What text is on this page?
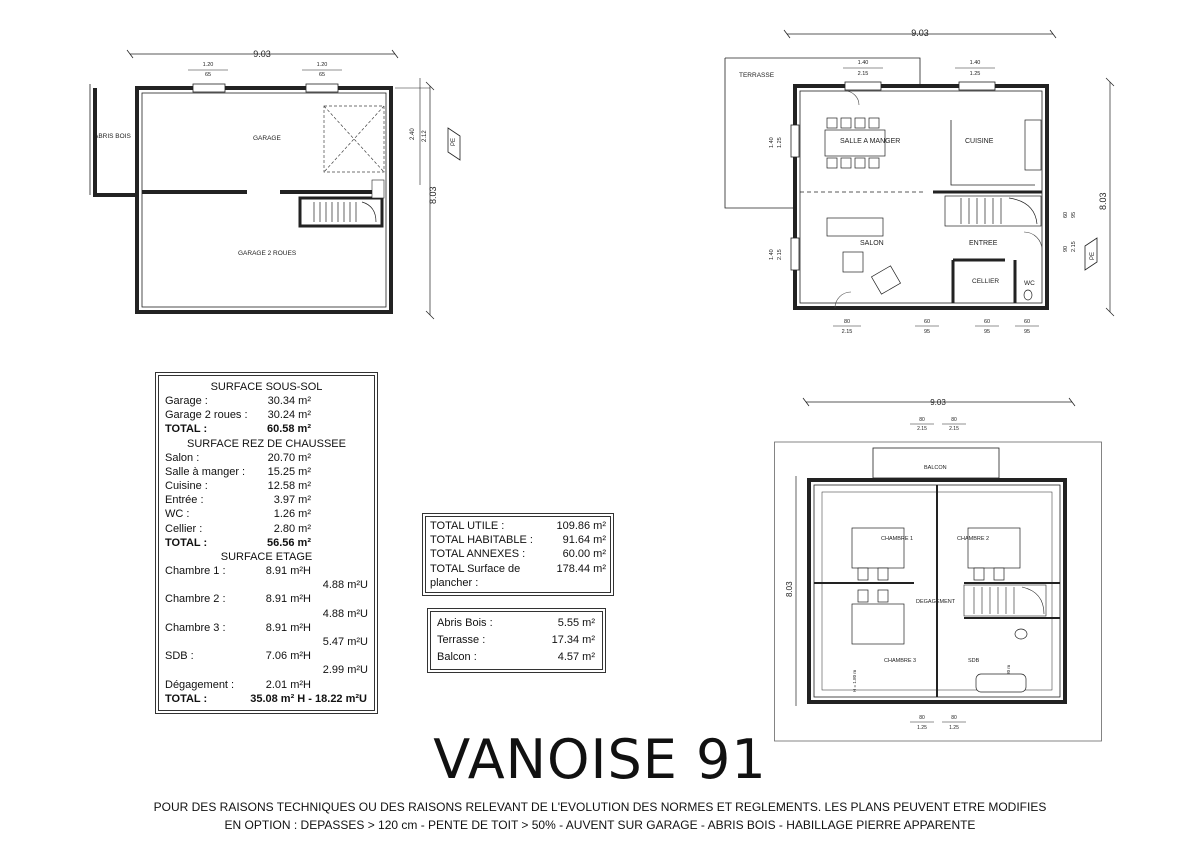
9.03
1.20
65
1.20
65
2.40 2.12	PE
8.03
ABRIS BOIS	GARAGE
GARAGE 2 ROUES
9.03
1.40
2.15
1.40
1.25
TERRASSE
SALLE A MANGER	CUISINE
SALON	ENTREE
CELLIER	WC
8.03
PE
1.40 1.25
1.40 2.15
60 95
90 2.15
80
2.15
60
95
60
95
60
95
9.03
80
2.15
80
2.15
BALCON
CHAMBRE 1	CHAMBRE 2
CHAMBRE 3
DEGAGEMENT
SDB
H = 1.80 m
8.03
80
1.25
80
1.25
SURFACE SOUS-SOL
Garage :	30.34 m²
Garage 2 roues :	30.24 m²
TOTAL :	60.58 m²
SURFACE REZ DE CHAUSSEE
Salon :	20.70 m²
Salle à manger :	15.25 m²
Cuisine :	12.58 m²
Entrée :	3.97 m²
WC :	1.26 m²
Cellier :	2.80 m²
TOTAL :	56.56 m²
SURFACE ETAGE
Chambre 1 :	8.91 m²H
4.88 m²U
Chambre 2 :	8.91 m²H
4.88 m²U
Chambre 3 :	8.91 m²H
5.47 m²U
SDB :	7.06 m²H
2.99 m²U
Dégagement :	2.01 m²H
TOTAL :	35.08 m² H - 18.22 m²U
TOTAL UTILE :	109.86 m²
TOTAL HABITABLE :	91.64 m²
TOTAL ANNEXES :	60.00 m²
TOTAL Surface de plancher :
178.44 m²
Abris Bois :	5.55 m²
Terrasse :	17.34 m²
Balcon :	4.57 m²
VANOISE 91
POUR DES RAISONS TECHNIQUES OU DES RAISONS RELEVANT DE L'EVOLUTION DES NORMES ET REGLEMENTS. LES PLANS PEUVENT ETRE MODIFIES
EN OPTION : DEPASSES > 120 cm - PENTE DE TOIT > 50% - AUVENT SUR GARAGE - ABRIS BOIS - HABILLAGE PIERRE APPARENTE
